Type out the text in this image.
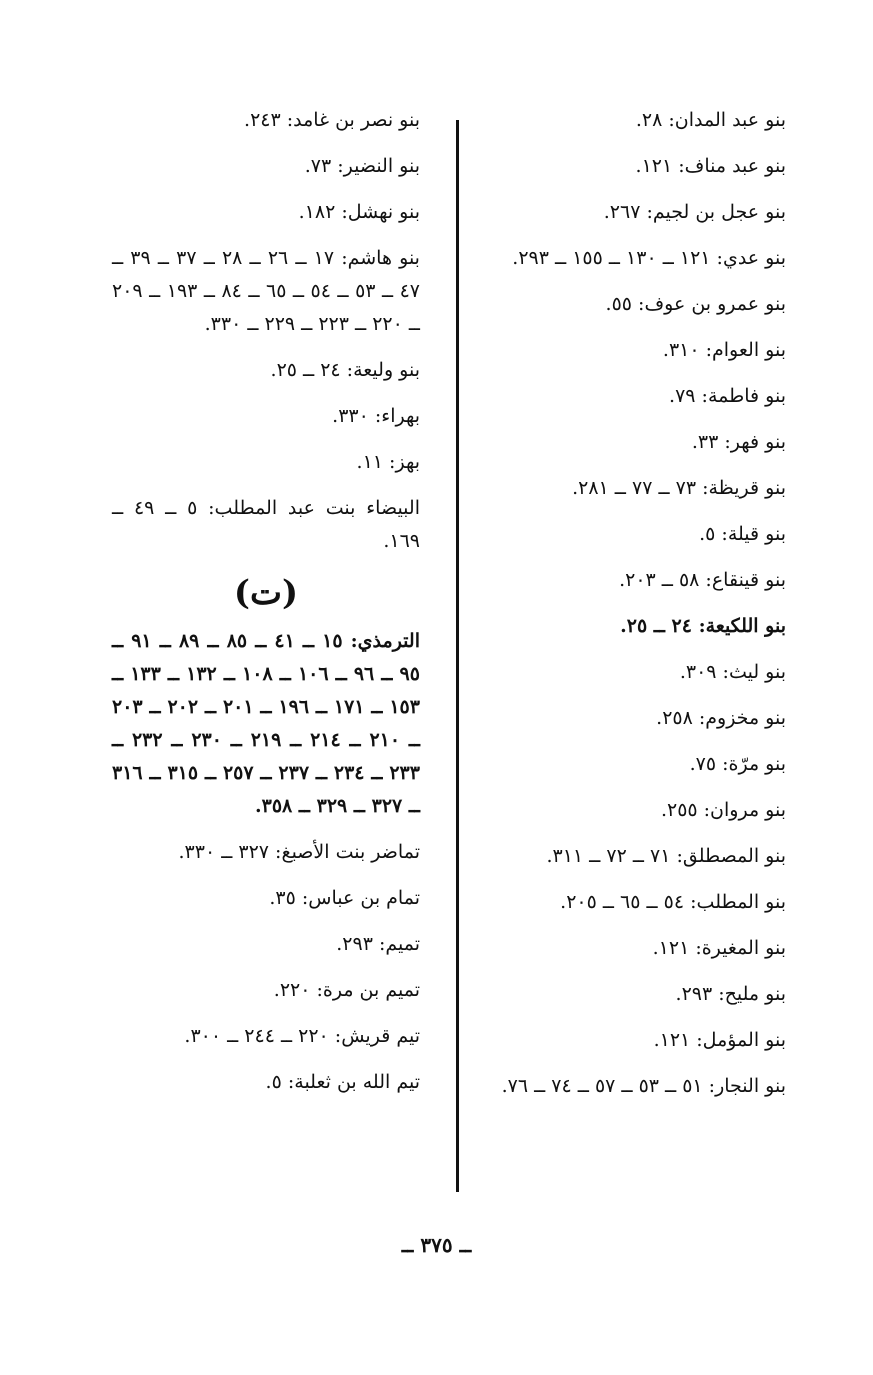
بنو عبد المدان: ٢٨.
بنو عبد مناف: ١٢١.
بنو عجل بن لجيم: ٢٦٧.
بنو عدي: ١٢١ ــ ١٣٠ ــ ١٥٥ ــ ٢٩٣.
بنو عمرو بن عوف: ٥٥.
بنو العوام: ٣١٠.
بنو فاطمة: ٧٩.
بنو فهر: ٣٣.
بنو قريظة: ٧٣ ــ ٧٧ ــ ٢٨١.
بنو قيلة: ٥.
بنو قينقاع: ٥٨ ــ ٢٠٣.
بنو اللكيعة: ٢٤ ــ ٢٥.
بنو ليث: ٣٠٩.
بنو مخزوم: ٢٥٨.
بنو مرّة: ٧٥.
بنو مروان: ٢٥٥.
بنو المصطلق: ٧١ ــ ٧٢ ــ ٣١١.
بنو المطلب: ٥٤ ــ ٦٥ ــ ٢٠٥.
بنو المغيرة: ١٢١.
بنو مليح: ٢٩٣.
بنو المؤمل: ١٢١.
بنو النجار: ٥١ ــ ٥٣ ــ ٥٧ ــ ٧٤ ــ ٧٦.
بنو نصر بن غامد: ٢٤٣.
بنو النضير: ٧٣.
بنو نهشل: ١٨٢.
بنو هاشم: ١٧ ــ ٢٦ ــ ٢٨ ــ ٣٧ ــ ٣٩ ــ ٤٧ ــ ٥٣ ــ ٥٤ ــ ٦٥ ــ ٨٤ ــ ١٩٣ ــ ٢٠٩ ــ ٢٢٠ ــ ٢٢٣ ــ ٢٢٩ ــ ٣٣٠.
بنو وليعة: ٢٤ ــ ٢٥.
بهراء: ٣٣٠.
بهز: ١١.
البيضاء بنت عبد المطلب: ٥ ــ ٤٩ ــ ١٦٩.
(ت)
الترمذي: ١٥ ــ ٤١ ــ ٨٥ ــ ٨٩ ــ ٩١ ــ ٩٥ ــ ٩٦ ــ ١٠٦ ــ ١٠٨ ــ ١٣٢ ــ ١٣٣ ــ ١٥٣ ــ ١٧١ ــ ١٩٦ ــ ٢٠١ ــ ٢٠٢ ــ ٢٠٣ ــ ٢١٠ ــ ٢١٤ ــ ٢١٩ ــ ٢٣٠ ــ ٢٣٢ ــ ٢٣٣ ــ ٢٣٤ ــ ٢٣٧ ــ ٢٥٧ ــ ٣١٥ ــ ٣١٦ ــ ٣٢٧ ــ ٣٢٩ ــ ٣٥٨.
تماضر بنت الأصبغ: ٣٢٧ ــ ٣٣٠.
تمام بن عباس: ٣٥.
تميم: ٢٩٣.
تميم بن مرة: ٢٢٠.
تيم قريش: ٢٢٠ ــ ٢٤٤ ــ ٣٠٠.
تيم الله بن ثعلبة: ٥.
ــ ٣٧٥ ــ
